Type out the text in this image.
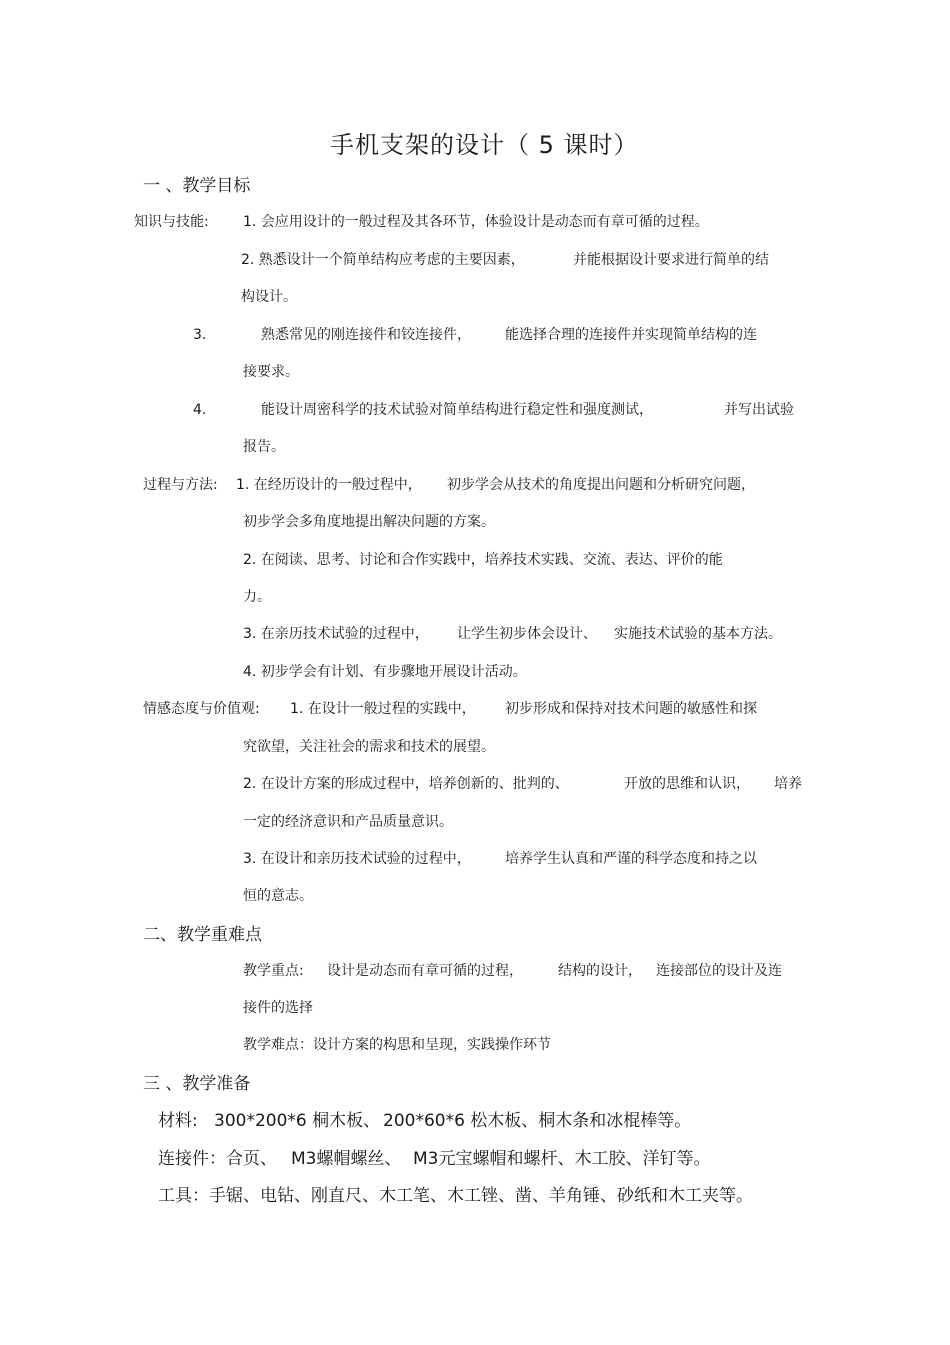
手机支架的设计（ 5 课时）
一 、教学目标
知识与技能: 1. 会应用设计的一般过程及其各环节，体验设计是动态而有章可循的过程。
2. 熟悉设计一个简单结构应考虑的主要因素，	并能根据设计要求进行简单的结
构设计。
3.	熟悉常见的刚连接件和铰连接件， 能选择合理的连接件并实现简单结构的连
接要求。
4.	能设计周密科学的技术试验对简单结构进行稳定性和强度测试，	并写出试验
报告。
过程与方法: 1. 在经历设计的一般过程中， 初步学会从技术的角度提出问题和分析研究问题，
初步学会多角度地提出解决问题的方案。
2. 在阅读、思考、讨论和合作实践中，培养技术实践、交流、表达、评价的能
力。
3. 在亲历技术试验的过程中， 让学生初步体会设计、 实施技术试验的基本方法。
4. 初步学会有计划、有步骤地开展设计活动。
情感态度与价值观: 1. 在设计一般过程的实践中， 初步形成和保持对技术问题的敏感性和探
究欲望，关注社会的需求和技术的展望。
2. 在设计方案的形成过程中，培养创新的、批判的、	开放的思维和认识， 培养
一定的经济意识和产品质量意识。
3. 在设计和亲历技术试验的过程中， 培养学生认真和严谨的科学态度和持之以
恒的意志。
二、教学重难点
教学重点: 设计是动态而有章可循的过程，	结构的设计， 连接部位的设计及连
接件的选择
教学难点：设计方案的构思和呈现，实践操作环节
三 、教学准备
材料: 300*200*6 桐木板、 200*60*6 松木板、桐木条和冰棍棒等。
连接件：合页、 M3螺帽螺丝、 M3元宝螺帽和螺杆、木工胶、洋钉等。
工具：手锯、电钻、刚直尺、木工笔、木工锉、凿、羊角锤、砂纸和木工夹等。
